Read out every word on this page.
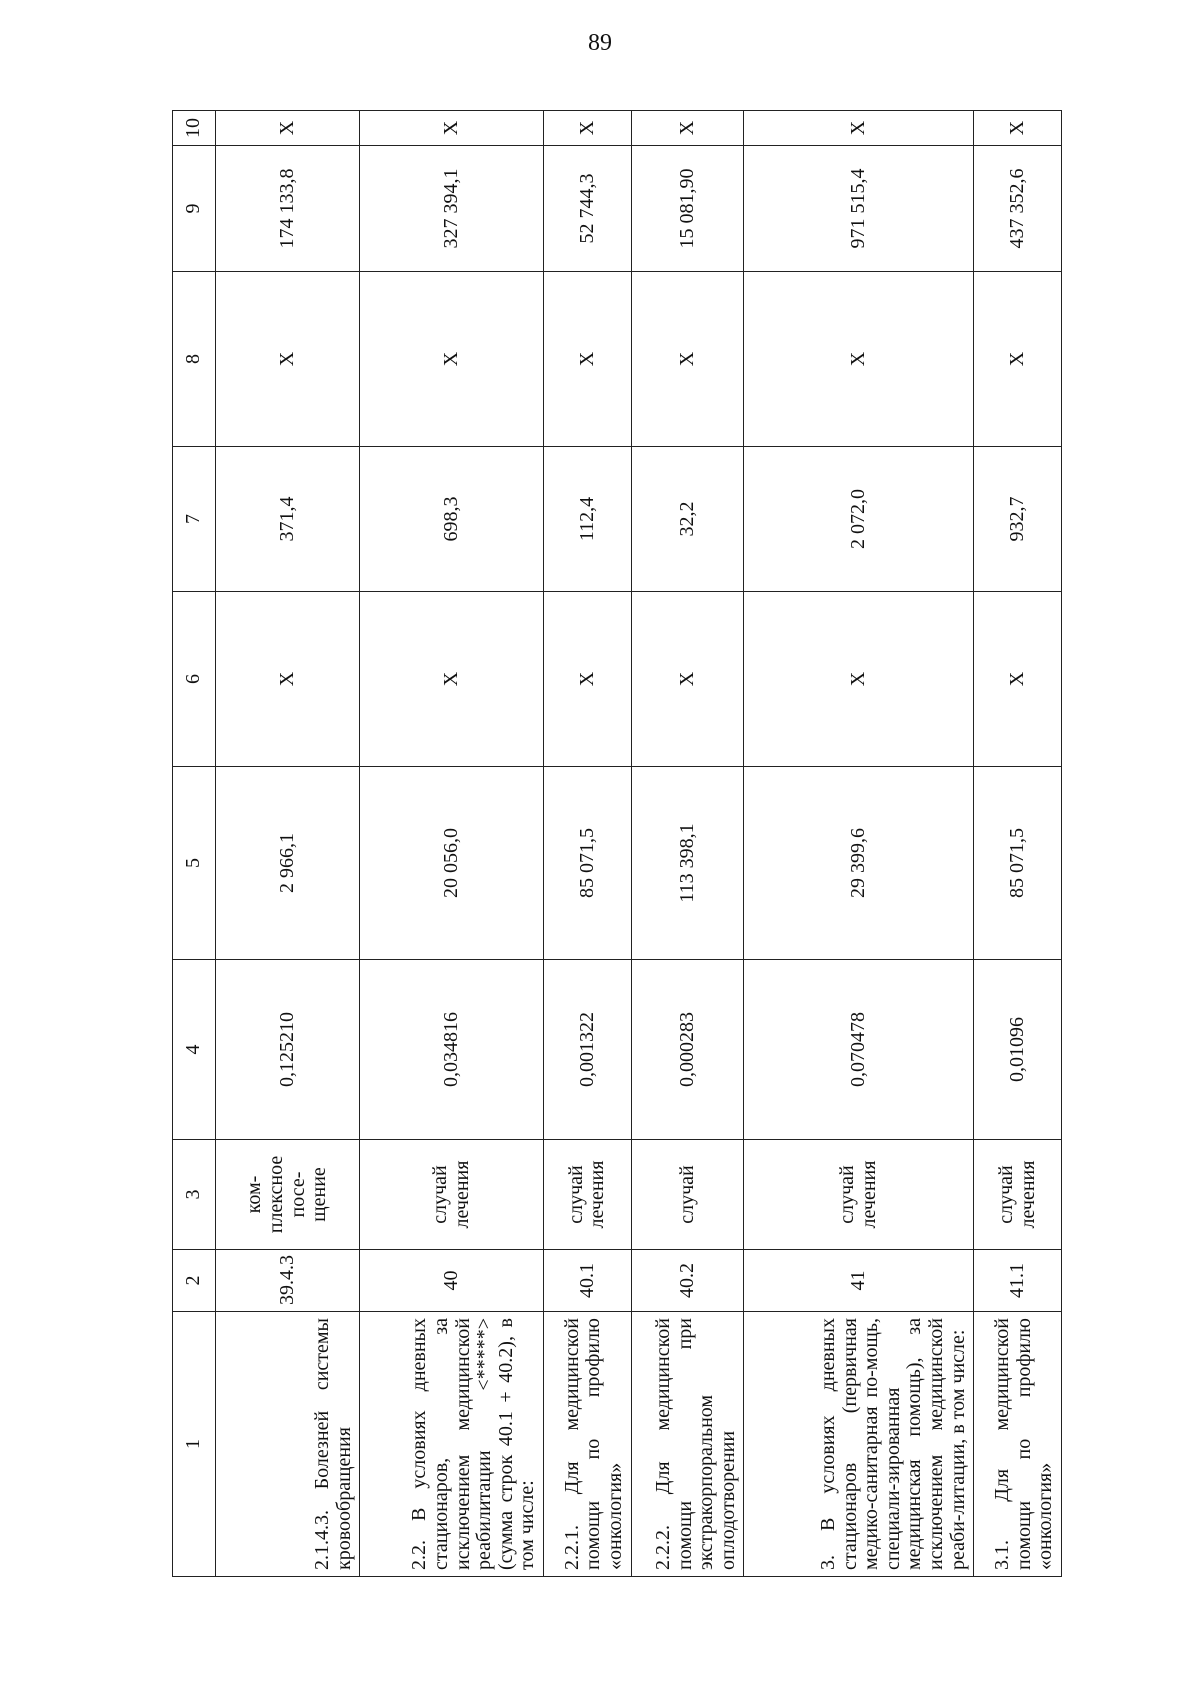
89
1	2	3	4	5	6	7	8	9	10
2.1.4.3. Болезней системы кровообращения	39.4.3	ком-плексное посе-щение	0,125210	2 966,1	X	371,4	X	174 133,8	X
2.2. В условиях дневных стационаров, за исключением медицинской реабилитации <*****> (сумма строк 40.1 + 40.2), в том числе:	40	случай лечения	0,034816	20 056,0	X	698,3	X	327 394,1	X
2.2.1. Для медицинской помощи по профилю «онкология»	40.1	случай лечения	0,001322	85 071,5	X	112,4	X	52 744,3	X
2.2.2. Для медицинской помощи при экстракорпоральном оплодотворении	40.2	случай	0,000283	113 398,1	X	32,2	X	15 081,90	X
3. В условиях дневных стационаров (первичная медико-санитарная по-мощь, специали-зированная медицинская помощь), за исключением медицинской реаби-литации, в том числе:	41	случай лечения	0,070478	29 399,6	X	2 072,0	X	971 515,4	X
3.1. Для медицинской помощи по профилю «онкология»	41.1	случай лечения	0,01096	85 071,5	X	932,7	X	437 352,6	X
